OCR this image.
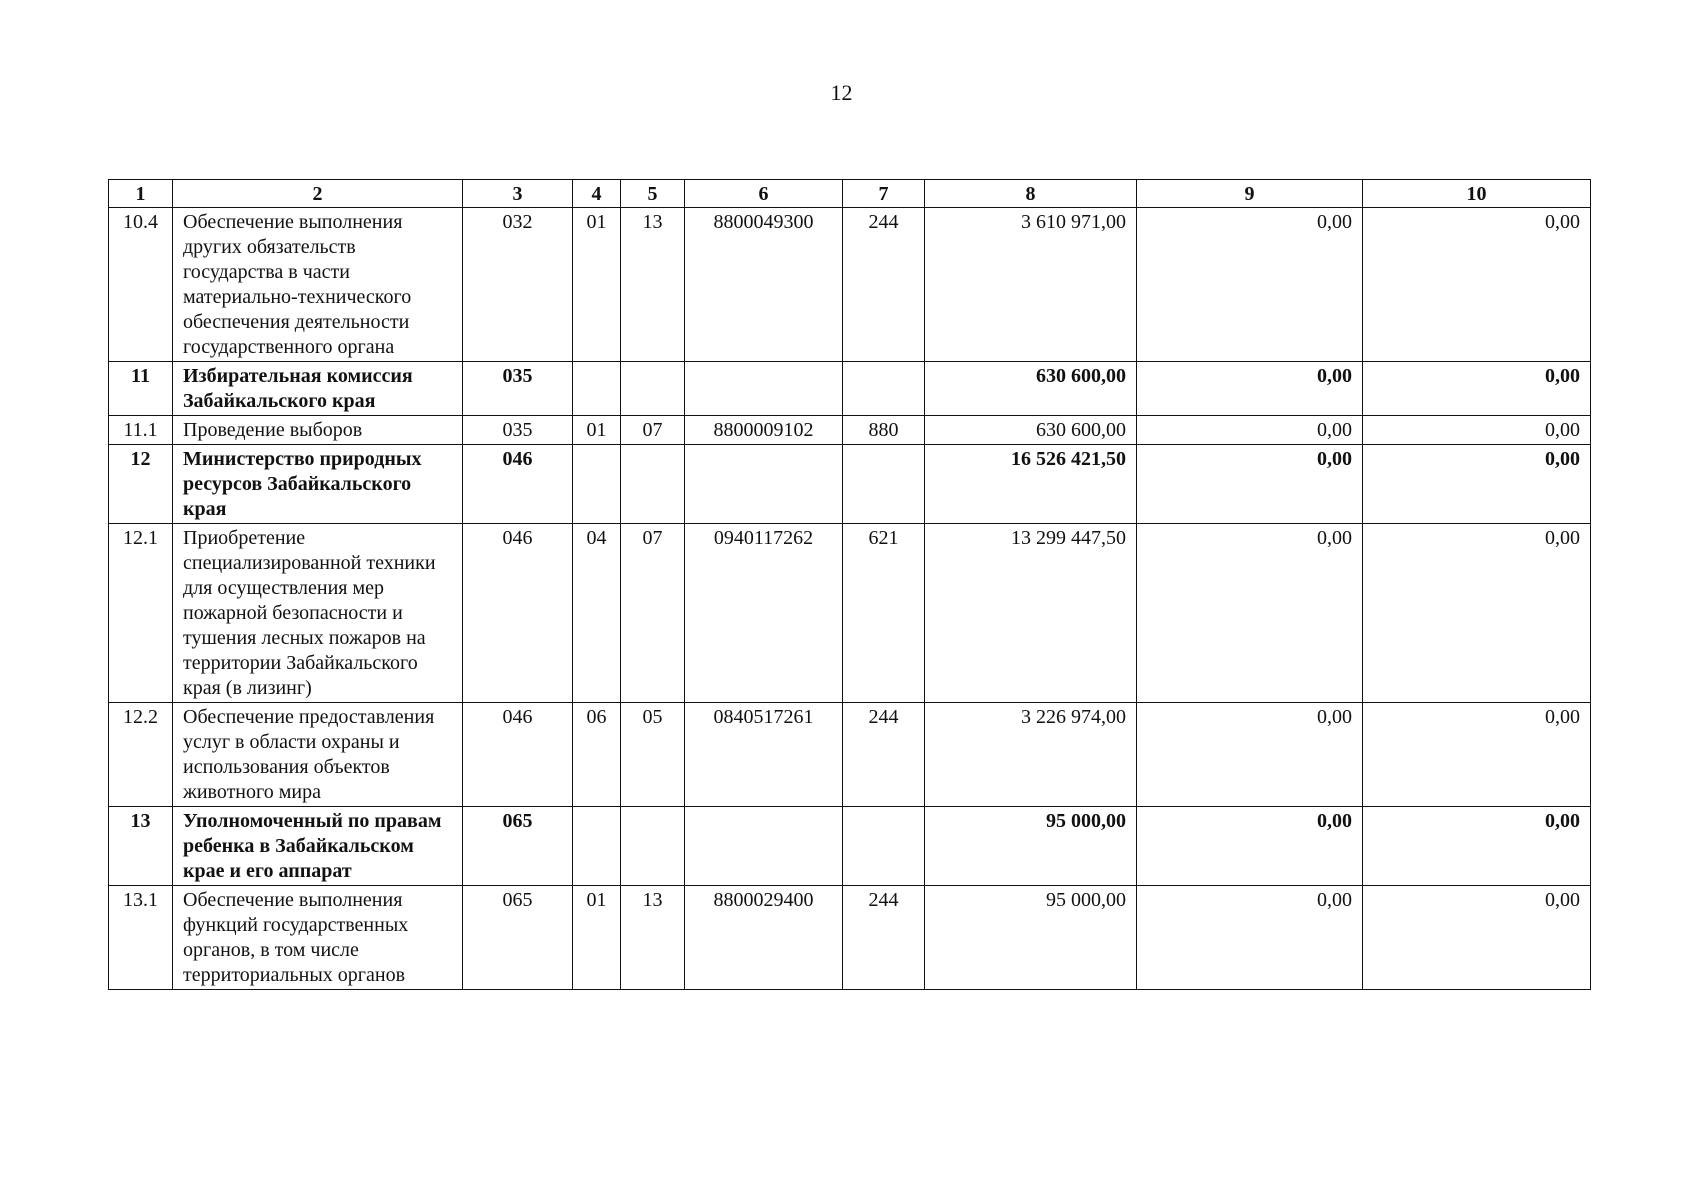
12
1	2	3	4	5	6	7	8	9	10
10.4	Обеспечение выполнения других обязательств государства в части материально-технического обеспечения деятельности государственного органа	032	01	13	8800049300	244	3 610 971,00	0,00	0,00
11	Избирательная комиссия Забайкальского края	035					630 600,00	0,00	0,00
11.1	Проведение выборов	035	01	07	8800009102	880	630 600,00	0,00	0,00
12	Министерство природных ресурсов Забайкальского края	046					16 526 421,50	0,00	0,00
12.1	Приобретение специализированной техники для осуществления мер пожарной безопасности и тушения лесных пожаров на территории Забайкальского края (в лизинг)	046	04	07	0940117262	621	13 299 447,50	0,00	0,00
12.2	Обеспечение предоставления услуг в области охраны и использования объектов животного мира	046	06	05	0840517261	244	3 226 974,00	0,00	0,00
13	Уполномоченный по правам ребенка в Забайкальском крае и его аппарат	065					95 000,00	0,00	0,00
13.1	Обеспечение выполнения функций государственных органов, в том числе территориальных органов	065	01	13	8800029400	244	95 000,00	0,00	0,00
